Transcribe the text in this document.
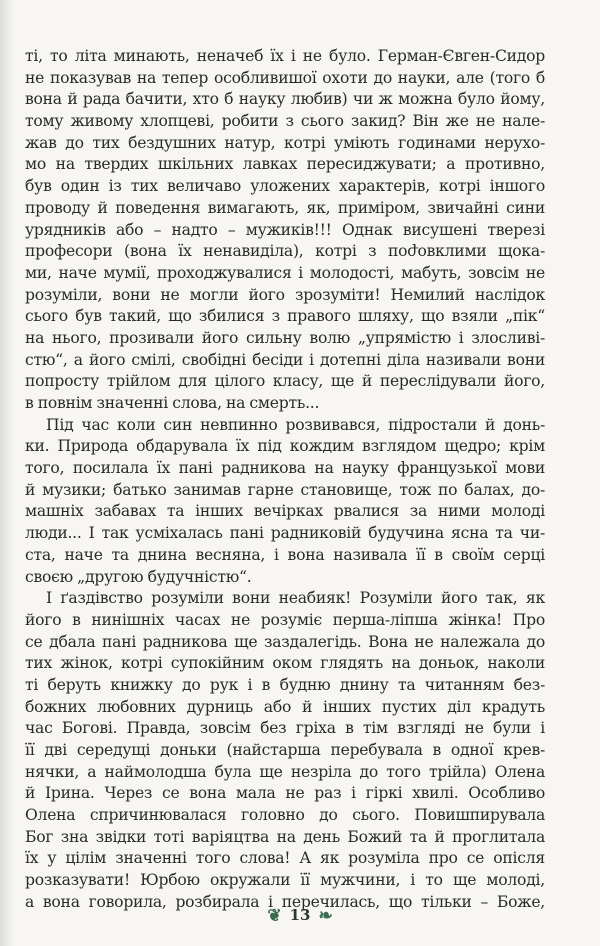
ті, то літа минають, неначеб їх і не було. Герман-Євген-Сидор
не показував на тепер особливишої охоти до науки, але (того б
вона й рада бачити, хто б науку любив) чи ж можна було йому,
тому живому хлопцеві, робити з сього закид? Він же не нале-
жав до тих бездушних натур, котрі уміють годинами нерухо-
мо на твердих шкільних лавках пересиджувати; а противно,
був один із тих величаво уложених характерів, котрі іншого
проводу й поведення вимагають, як, приміром, звичайні сини
урядників або – надто – мужиків!!! Однак висушені тверезі
професори (вона їх ненавиділа), котрі з поժовклими щока-
ми, наче мумії, проходжувалися і молодості, мабуть, зовсім не
розуміли, вони не могли його зрозуміти! Немилий наслідок
сього був такий, що збилися з правого шляху, що взяли „пік“
на нього, прозивали його сильну волю „упрямістю і злосливі-
стю“, а його смілі, свобідні бесіди і дотепні діла називали вони
попросту трійлом для цілого класу, ще й переслідували його,
в повнім значенні слова, на смерть...
Під час коли син невпинно розвивався, підростали й донь-
ки. Природа обдарувала їх під кождим взглядом щедро; крім
того, посилала їх пані радникова на науку французької мови
й музики; батько занимав гарне становище, тож по балах, до-
машніх забавах та інших вечірках рвалися за ними молоді
люди... І так усміхалась пані радниковій будучина ясна та чи-
ста, наче та днина весняна, і вона називала її в своїм серці
своєю „другою будучністю“.
І ґаздівство розуміли вони неабияк! Розуміли його так, як
його в нинішніх часах не розуміє перша-ліпша жінка! Про
се дбала пані радникова ще заздалегідь. Вона не належала до
тих жінок, котрі супокійним оком глядять на доньок, наколи
ті беруть книжку до рук і в будню днину та читанням без-
божних любовних дурниць або й інших пустих діл крадуть
час Богові. Правда, зовсім без гріха в тім взгляді не були і
її дві середущі доньки (найстарша перебувала в одної крев-
нячки, а наймолодша була ще незріла до того трійла) Олена
й Ірина. Через се вона мала не раз і гіркі хвилі. Особливо
Олена спричинювалася головно до сього. Повишпирувала
Бог зна звідки тоті варіяцтва на день Божий та й проглитала
їх у цілім значенні того слова! А як розуміла про се опісля
розказувати! Юрбою окружали її мужчини, і то ще молоді,
а вона говорила, розбирала і перечилась, що тільки – Боже,
❦ 13 ❧
